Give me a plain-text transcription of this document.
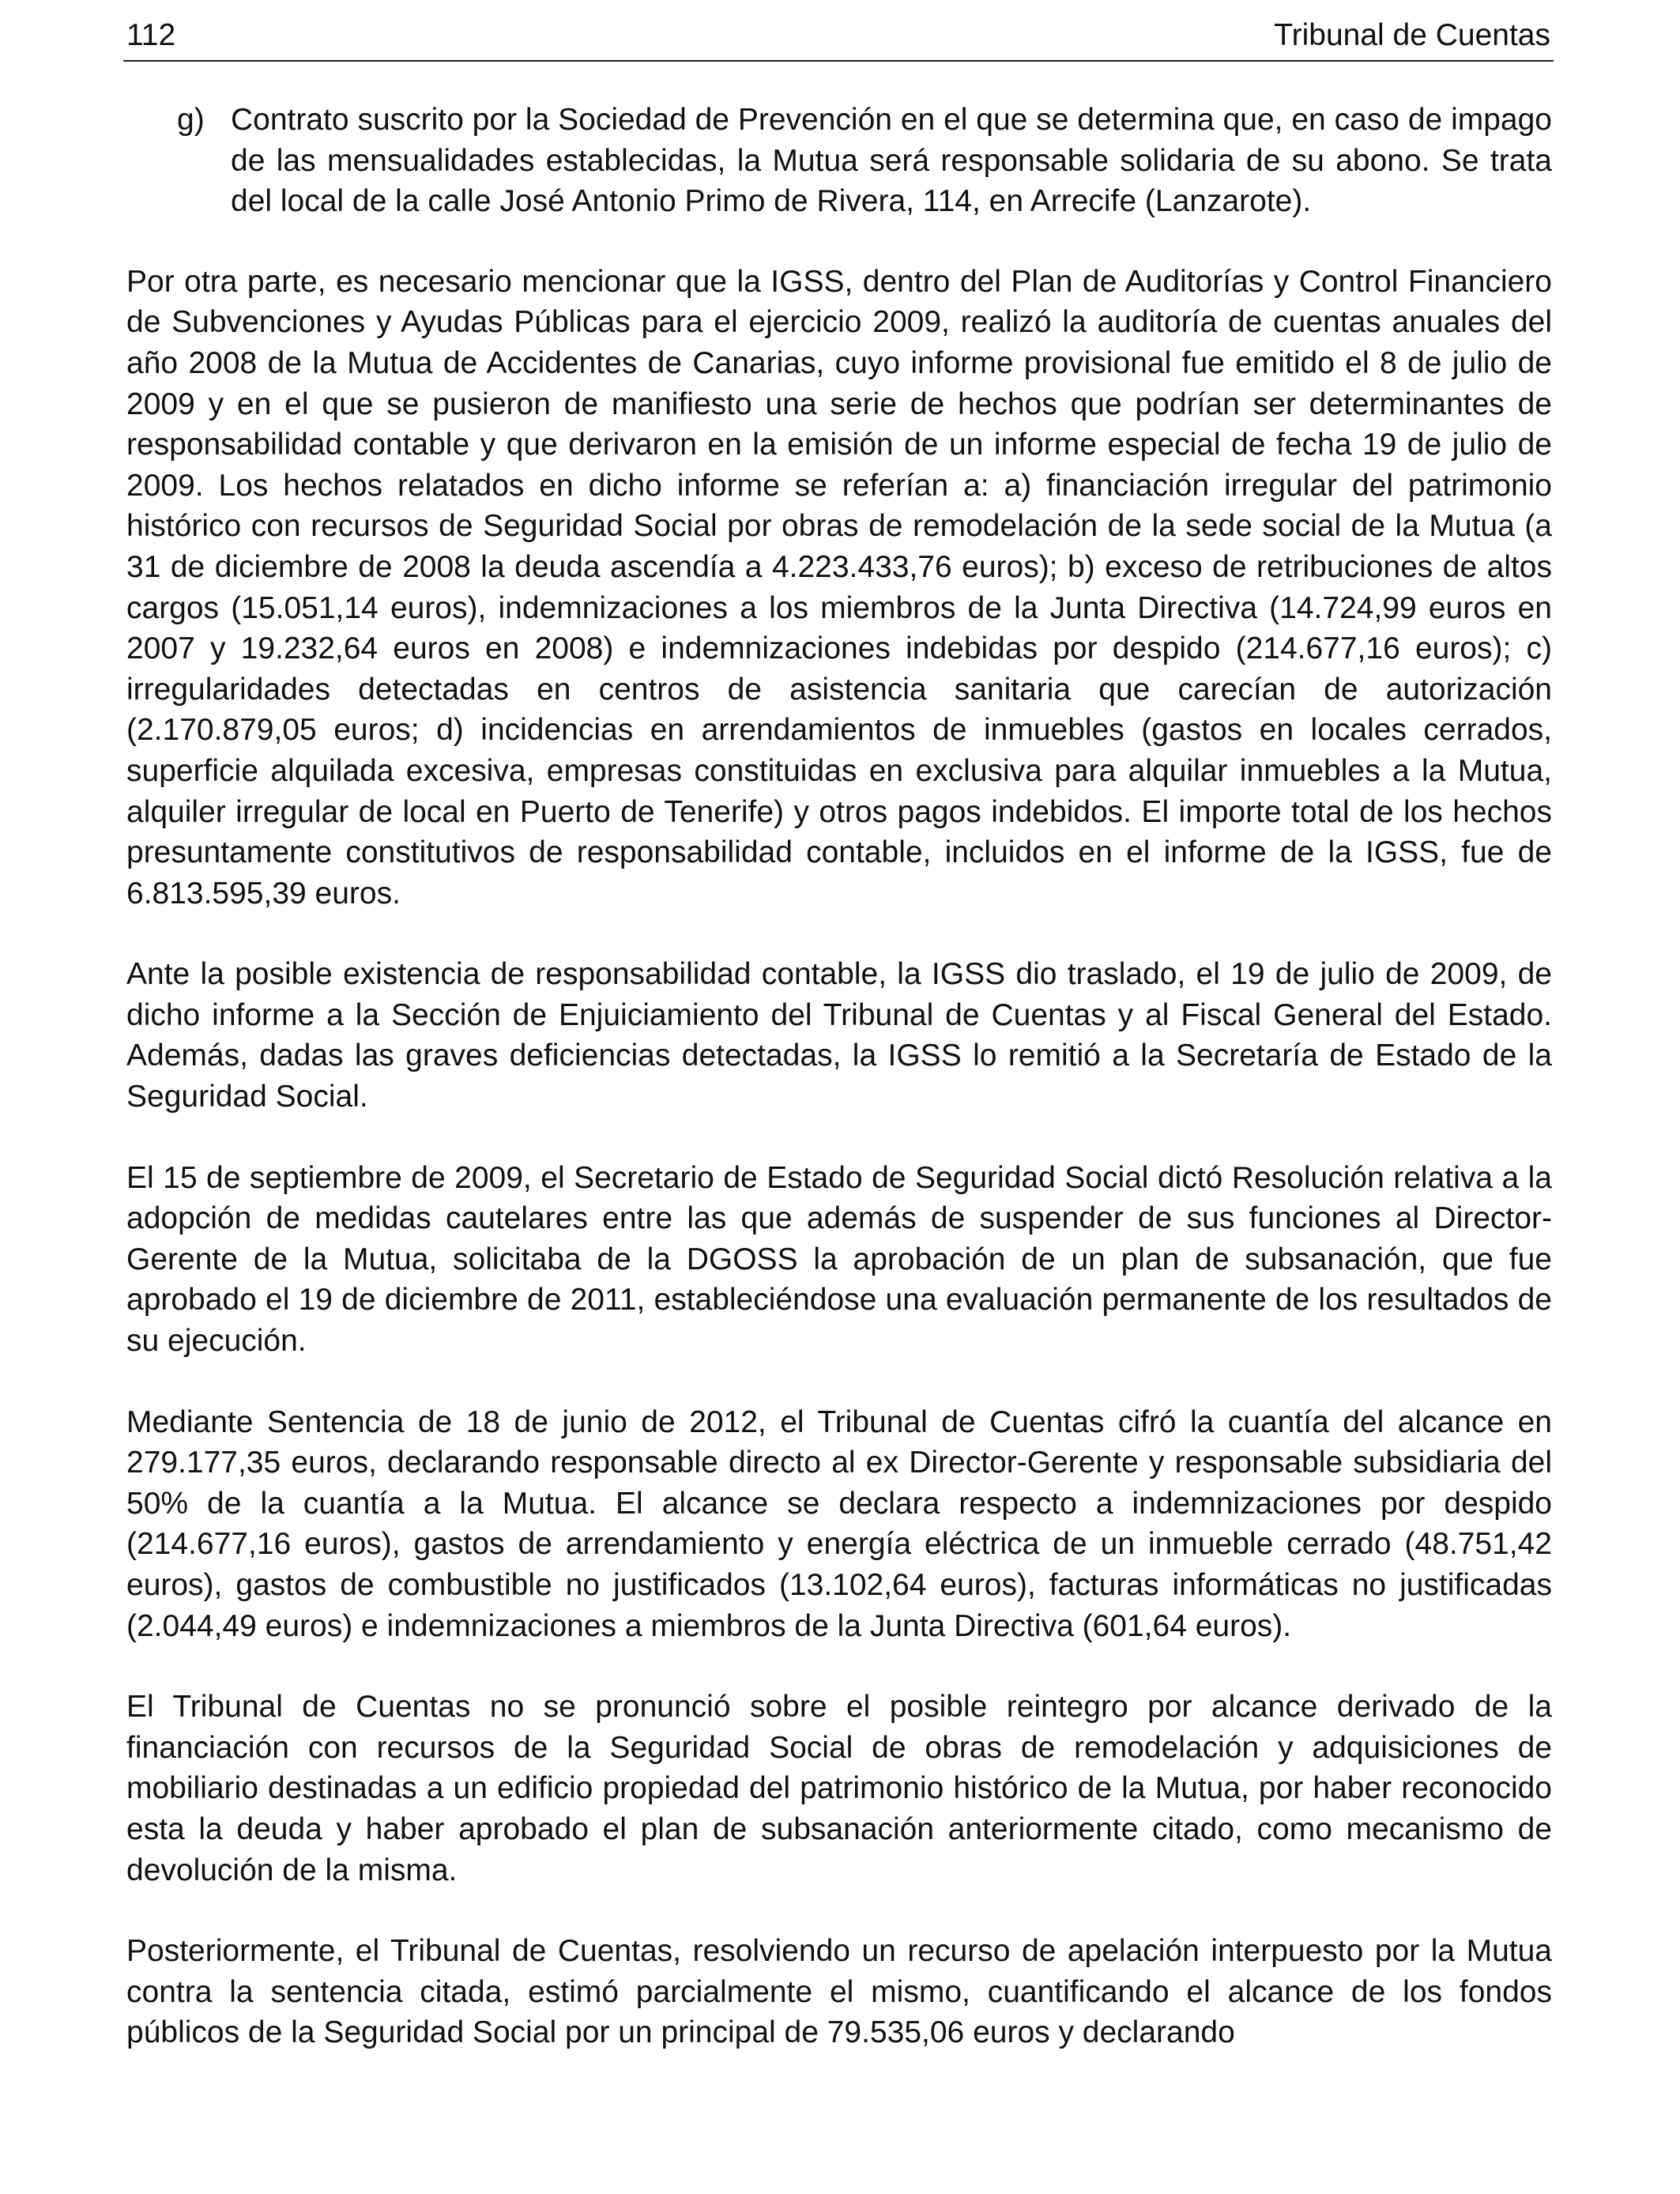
112	Tribunal de Cuentas
g) Contrato suscrito por la Sociedad de Prevención en el que se determina que, en caso de impago de las mensualidades establecidas, la Mutua será responsable solidaria de su abono. Se trata del local de la calle José Antonio Primo de Rivera, 114, en Arrecife (Lanzarote).

Por otra parte, es necesario mencionar que la IGSS, dentro del Plan de Auditorías y Control Financiero de Subvenciones y Ayudas Públicas para el ejercicio 2009, realizó la auditoría de cuentas anuales del año 2008 de la Mutua de Accidentes de Canarias, cuyo informe provisional fue emitido el 8 de julio de 2009 y en el que se pusieron de manifiesto una serie de hechos que podrían ser determinantes de responsabilidad contable y que derivaron en la emisión de un informe especial de fecha 19 de julio de 2009. Los hechos relatados en dicho informe se referían a: a) financiación irregular del patrimonio histórico con recursos de Seguridad Social por obras de remodelación de la sede social de la Mutua (a 31 de diciembre de 2008 la deuda ascendía a 4.223.433,76 euros); b) exceso de retribuciones de altos cargos (15.051,14 euros), indemnizaciones a los miembros de la Junta Directiva (14.724,99 euros en 2007 y 19.232,64 euros en 2008) e indemnizaciones indebidas por despido (214.677,16 euros); c) irregularidades detectadas en centros de asistencia sanitaria que carecían de autorización (2.170.879,05 euros; d) incidencias en arrendamientos de inmuebles (gastos en locales cerrados, superficie alquilada excesiva, empresas constituidas en exclusiva para alquilar inmuebles a la Mutua, alquiler irregular de local en Puerto de Tenerife) y otros pagos indebidos. El importe total de los hechos presuntamente constitutivos de responsabilidad contable, incluidos en el informe de la IGSS, fue de 6.813.595,39 euros.

Ante la posible existencia de responsabilidad contable, la IGSS dio traslado, el 19 de julio de 2009, de dicho informe a la Sección de Enjuiciamiento del Tribunal de Cuentas y al Fiscal General del Estado. Además, dadas las graves deficiencias detectadas, la IGSS lo remitió a la Secretaría de Estado de la Seguridad Social.

El 15 de septiembre de 2009, el Secretario de Estado de Seguridad Social dictó Resolución relativa a la adopción de medidas cautelares entre las que además de suspender de sus funciones al Director-Gerente de la Mutua, solicitaba de la DGOSS la aprobación de un plan de subsanación, que fue aprobado el 19 de diciembre de 2011, estableciéndose una evaluación permanente de los resultados de su ejecución.

Mediante Sentencia de 18 de junio de 2012, el Tribunal de Cuentas cifró la cuantía del alcance en 279.177,35 euros, declarando responsable directo al ex Director-Gerente y responsable subsidiaria del 50% de la cuantía a la Mutua. El alcance se declara respecto a indemnizaciones por despido (214.677,16 euros), gastos de arrendamiento y energía eléctrica de un inmueble cerrado (48.751,42 euros), gastos de combustible no justificados (13.102,64 euros), facturas informáticas no justificadas (2.044,49 euros) e indemnizaciones a miembros de la Junta Directiva (601,64 euros).

El Tribunal de Cuentas no se pronunció sobre el posible reintegro por alcance derivado de la financiación con recursos de la Seguridad Social de obras de remodelación y adquisiciones de mobiliario destinadas a un edificio propiedad del patrimonio histórico de la Mutua, por haber reconocido esta la deuda y haber aprobado el plan de subsanación anteriormente citado, como mecanismo de devolución de la misma.

Posteriormente, el Tribunal de Cuentas, resolviendo un recurso de apelación interpuesto por la Mutua contra la sentencia citada, estimó parcialmente el mismo, cuantificando el alcance de los fondos públicos de la Seguridad Social por un principal de 79.535,06 euros y declarando
